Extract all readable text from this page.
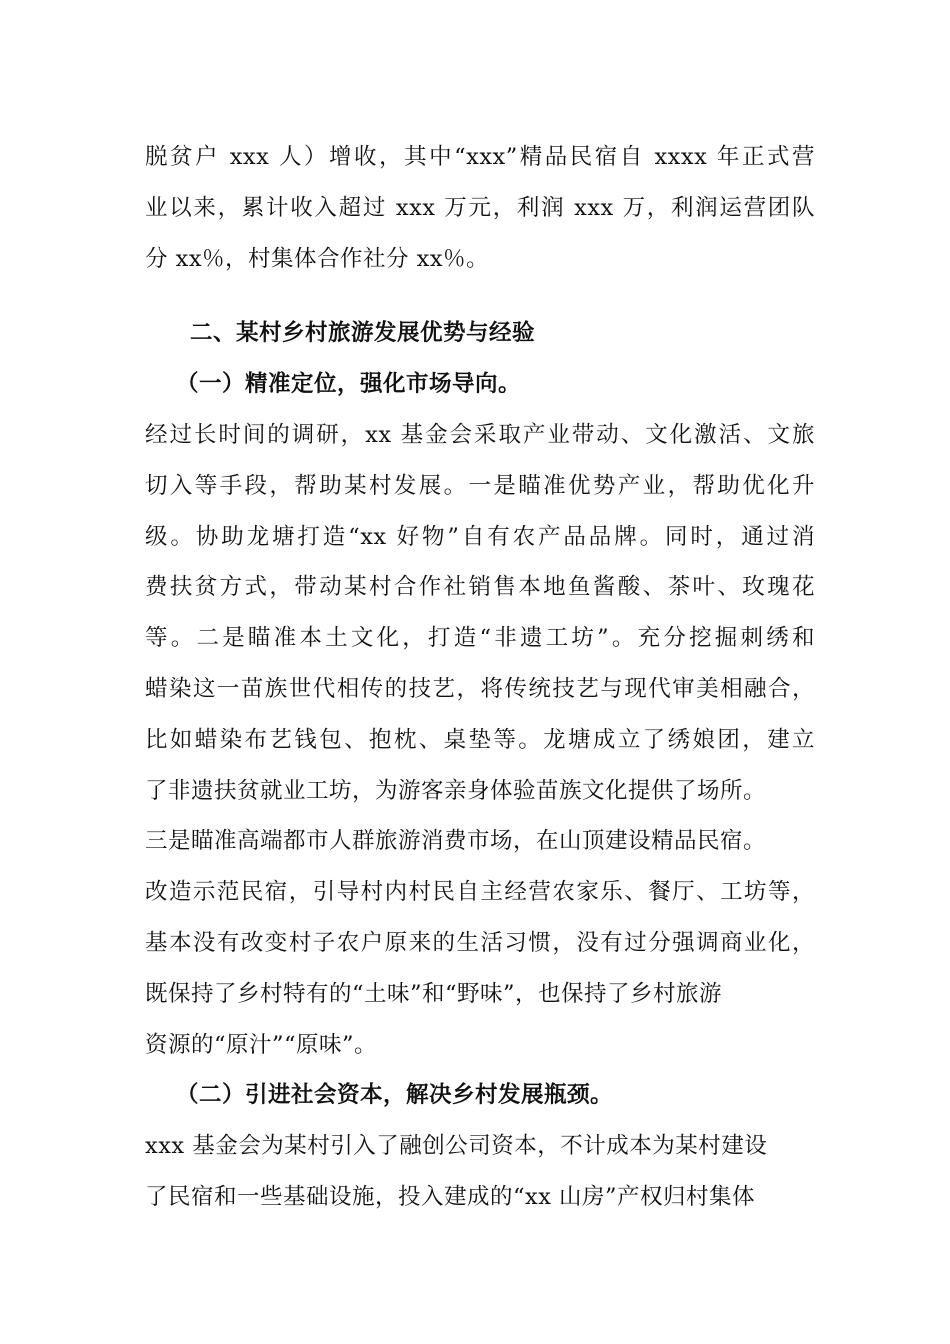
脱贫户 xxx 人）增收，其中“xxx”精品民宿自 xxxx 年正式营
业以来，累计收入超过 xxx 万元，利润 xxx 万，利润运营团队
分 xx％，村集体合作社分 xx％。
二、某村乡村旅游发展优势与经验
（一）精准定位，强化市场导向。
经过长时间的调研，xx 基金会采取产业带动、文化激活、文旅
切入等手段，帮助某村发展。一是瞄准优势产业，帮助优化升
级。协助龙塘打造“xx 好物”自有农产品品牌。同时，通过消
费扶贫方式，带动某村合作社销售本地鱼酱酸、茶叶、玫瑰花
等。二是瞄准本土文化，打造“非遗工坊”。充分挖掘刺绣和
蜡染这一苗族世代相传的技艺，将传统技艺与现代审美相融合，
比如蜡染布艺钱包、抱枕、桌垫等。龙塘成立了绣娘团，建立
了非遗扶贫就业工坊，为游客亲身体验苗族文化提供了场所。
三是瞄准高端都市人群旅游消费市场，在山顶建设精品民宿。
改造示范民宿，引导村内村民自主经营农家乐、餐厅、工坊等，
基本没有改变村子农户原来的生活习惯，没有过分强调商业化，
既保持了乡村特有的“土味”和“野味”，也保持了乡村旅游
资源的“原汁”“原味”。
（二）引进社会资本，解决乡村发展瓶颈。
xxx 基金会为某村引入了融创公司资本，不计成本为某村建设
了民宿和一些基础设施，投入建成的“xx 山房”产权归村集体
